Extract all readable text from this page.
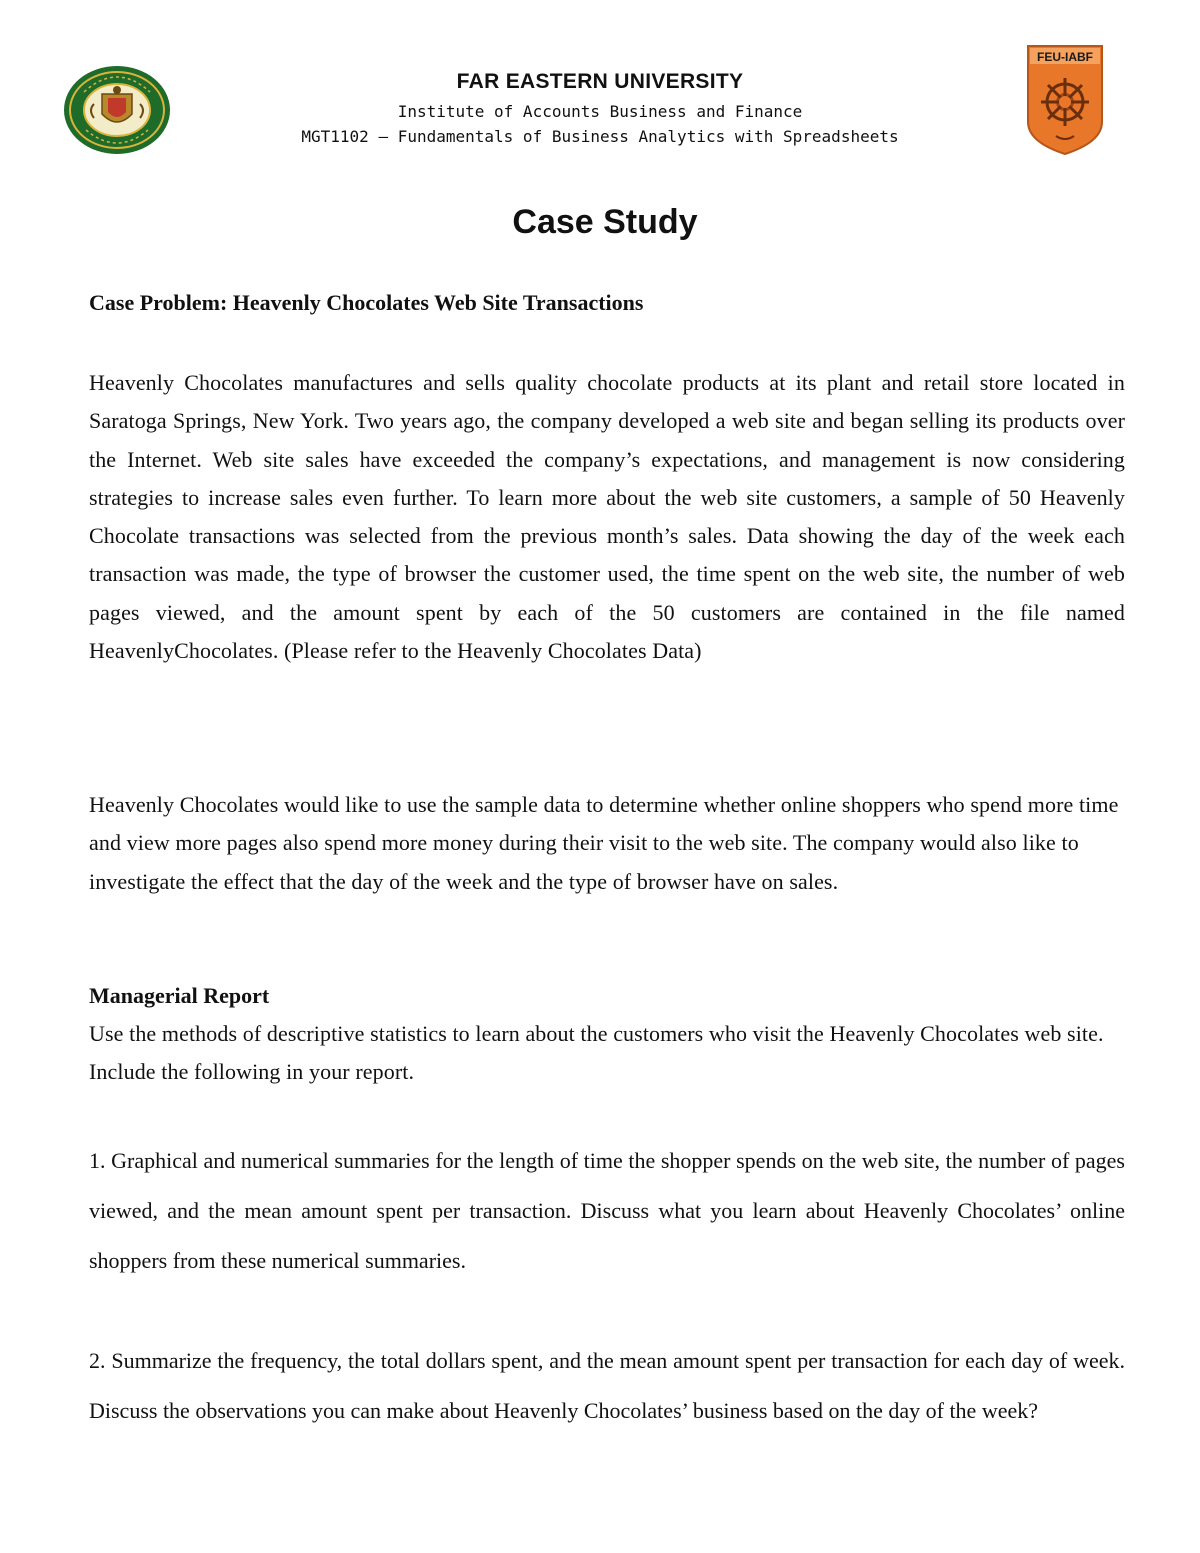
FAR EASTERN UNIVERSITY

Institute of Accounts Business and Finance

MGT1102 – Fundamentals of Business Analytics with Spreadsheets

FEU-IABF
Case Study

Case Problem: Heavenly Chocolates Web Site Transactions

Heavenly Chocolates manufactures and sells quality chocolate products at its plant and retail store located in Saratoga Springs, New York. Two years ago, the company developed a web site and began selling its products over the Internet. Web site sales have exceeded the company’s expectations, and management is now considering strategies to increase sales even further. To learn more about the web site customers, a sample of 50 Heavenly Chocolate transactions was selected from the previous month’s sales. Data showing the day of the week each transaction was made, the type of browser the customer used, the time spent on the web site, the number of web pages viewed, and the amount spent by each of the 50 customers are contained in the file named HeavenlyChocolates. (Please refer to the Heavenly Chocolates Data)

Heavenly Chocolates would like to use the sample data to determine whether online shoppers who spend more time and view more pages also spend more money during their visit to the web site. The company would also like to investigate the effect that the day of the week and the type of browser have on sales.

Managerial Report

Use the methods of descriptive statistics to learn about the customers who visit the Heavenly Chocolates web site. Include the following in your report.

1. Graphical and numerical summaries for the length of time the shopper spends on the web site, the number of pages viewed, and the mean amount spent per transaction. Discuss what you learn about Heavenly Chocolates’ online shoppers from these numerical summaries.

2. Summarize the frequency, the total dollars spent, and the mean amount spent per transaction for each day of week. Discuss the observations you can make about Heavenly Chocolates’ business based on the day of the week?
